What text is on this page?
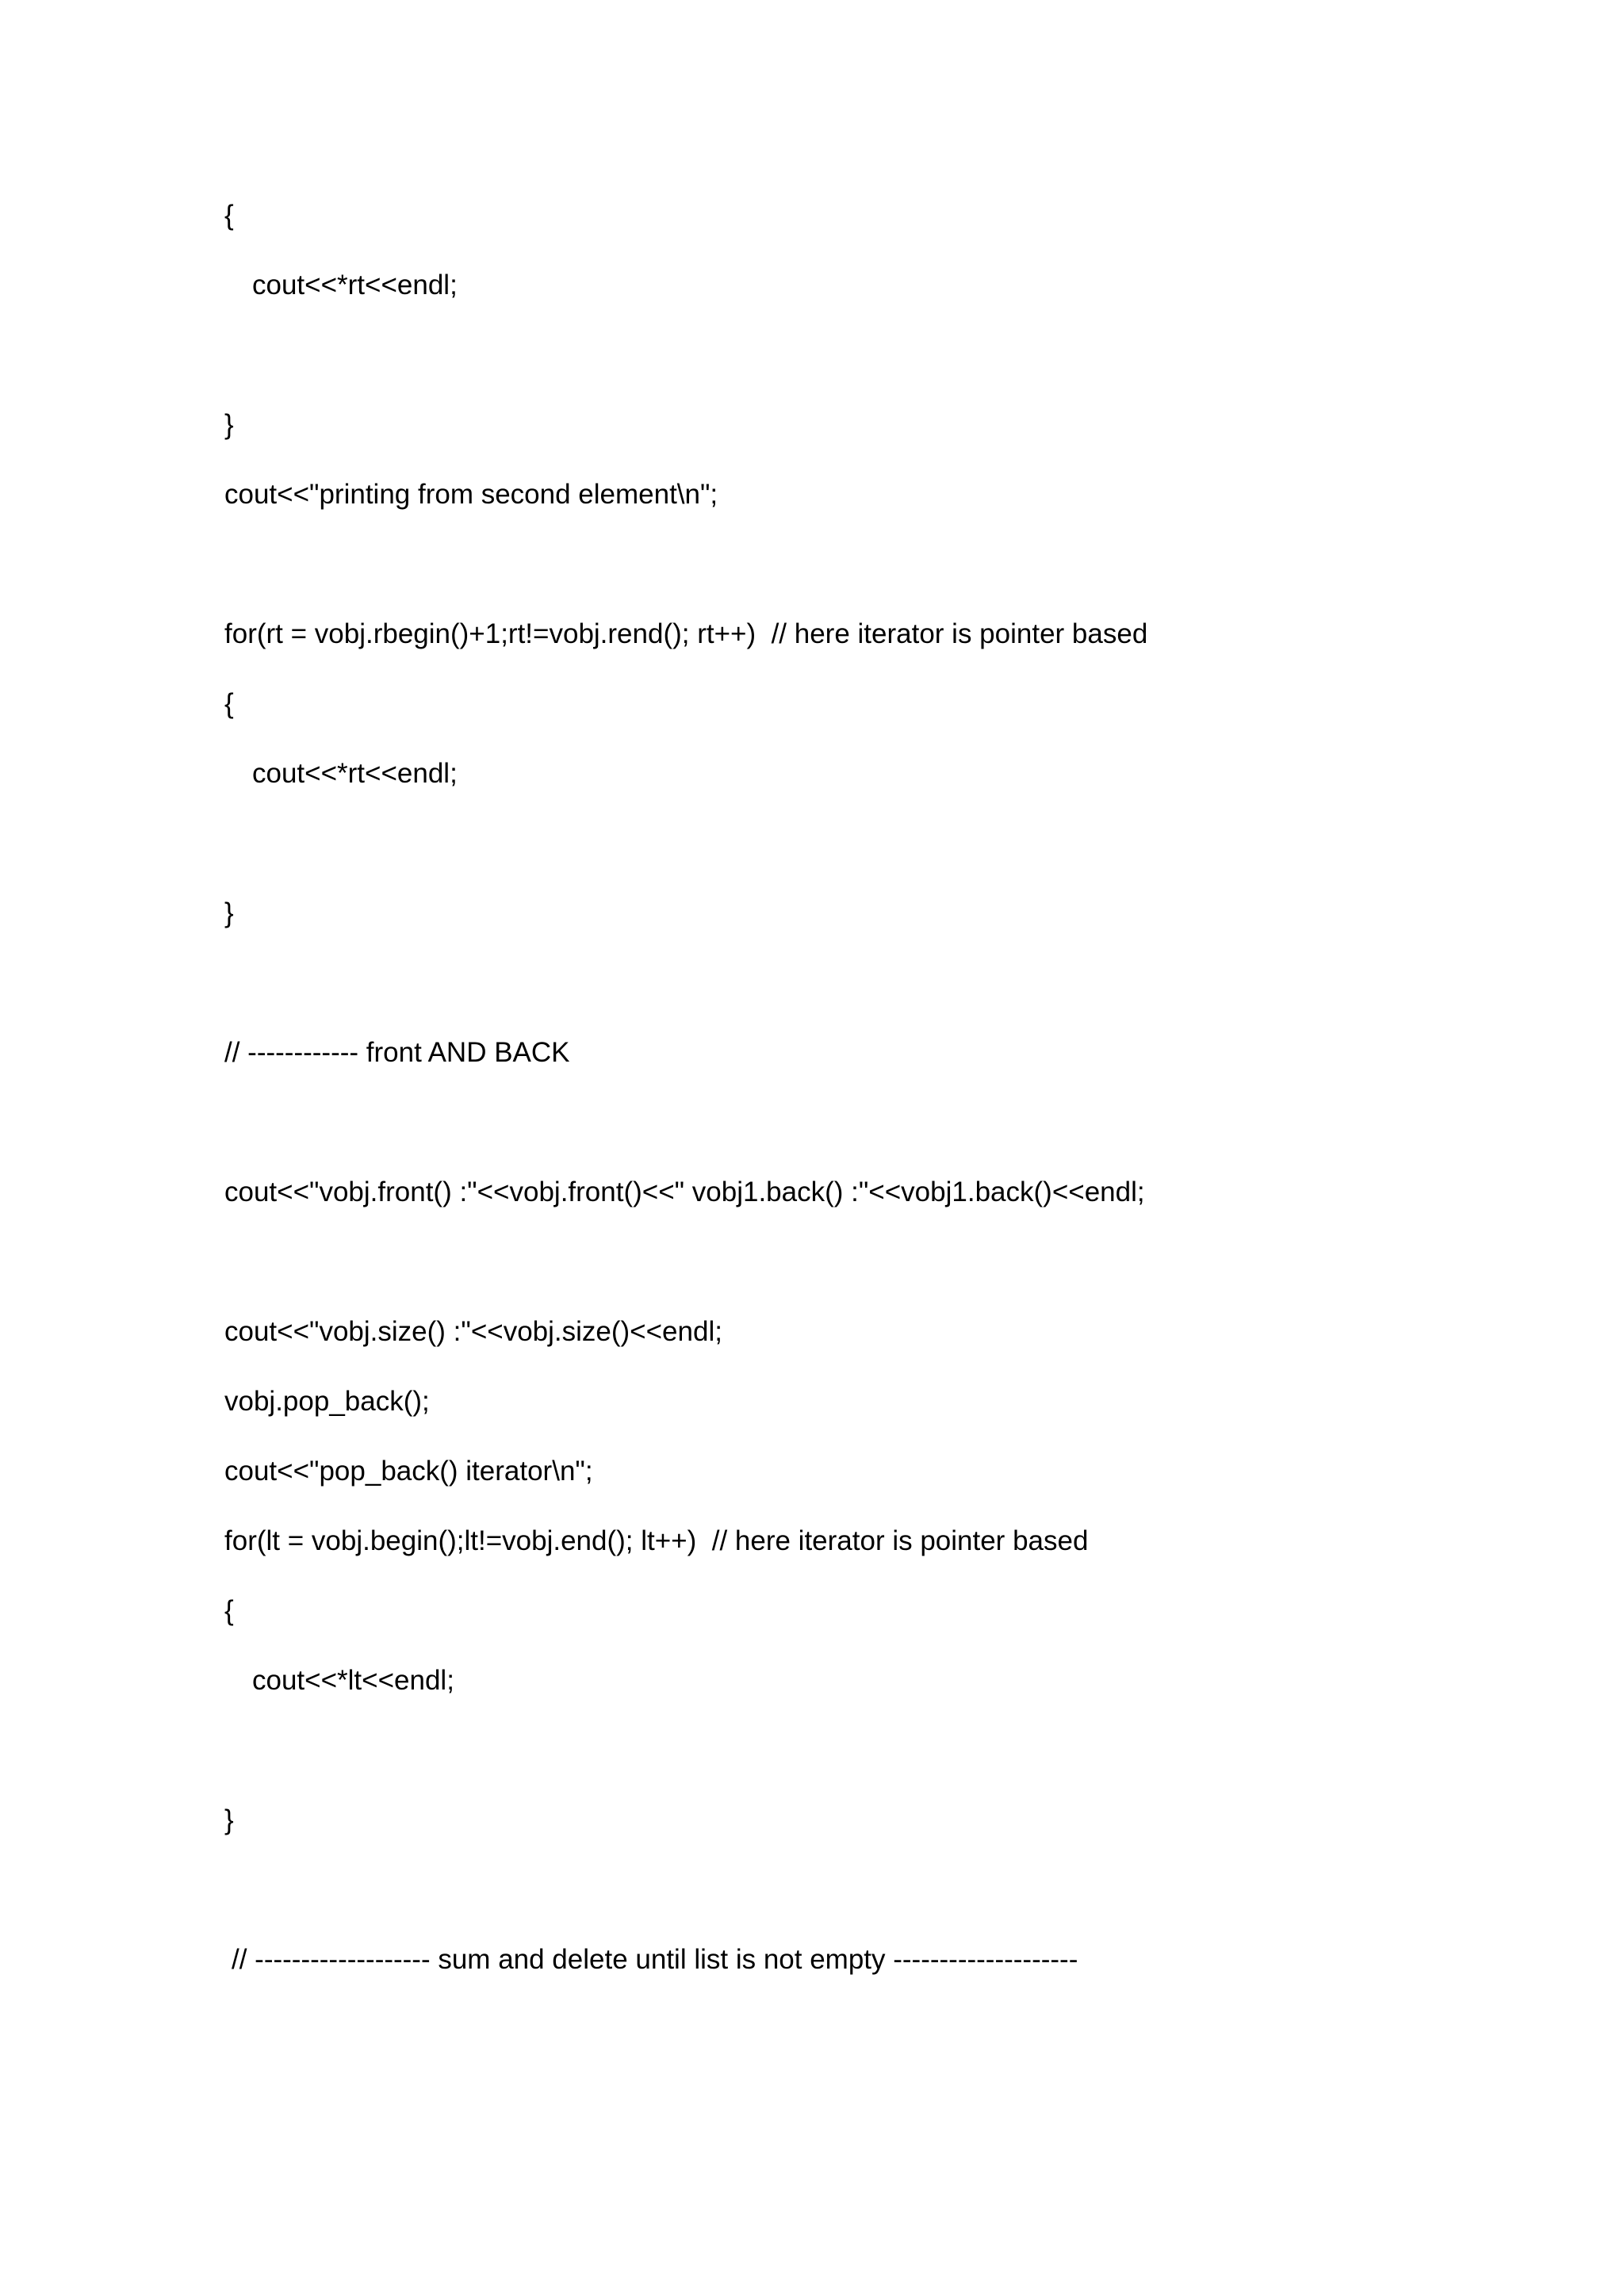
{
cout<<*rt<<endl;
}
cout<<"printing from second element\n";
for(rt = vobj.rbegin()+1;rt!=vobj.rend(); rt++)  // here iterator is pointer based
{
cout<<*rt<<endl;
}
// ------------ front AND BACK
cout<<"vobj.front() :"<<vobj.front()<<" vobj1.back() :"<<vobj1.back()<<endl;
cout<<"vobj.size() :"<<vobj.size()<<endl;
vobj.pop_back();
cout<<"pop_back() iterator\n";
for(lt = vobj.begin();lt!=vobj.end(); lt++)  // here iterator is pointer based
{
cout<<*lt<<endl;
}
// ------------------- sum and delete until list is not empty --------------------
